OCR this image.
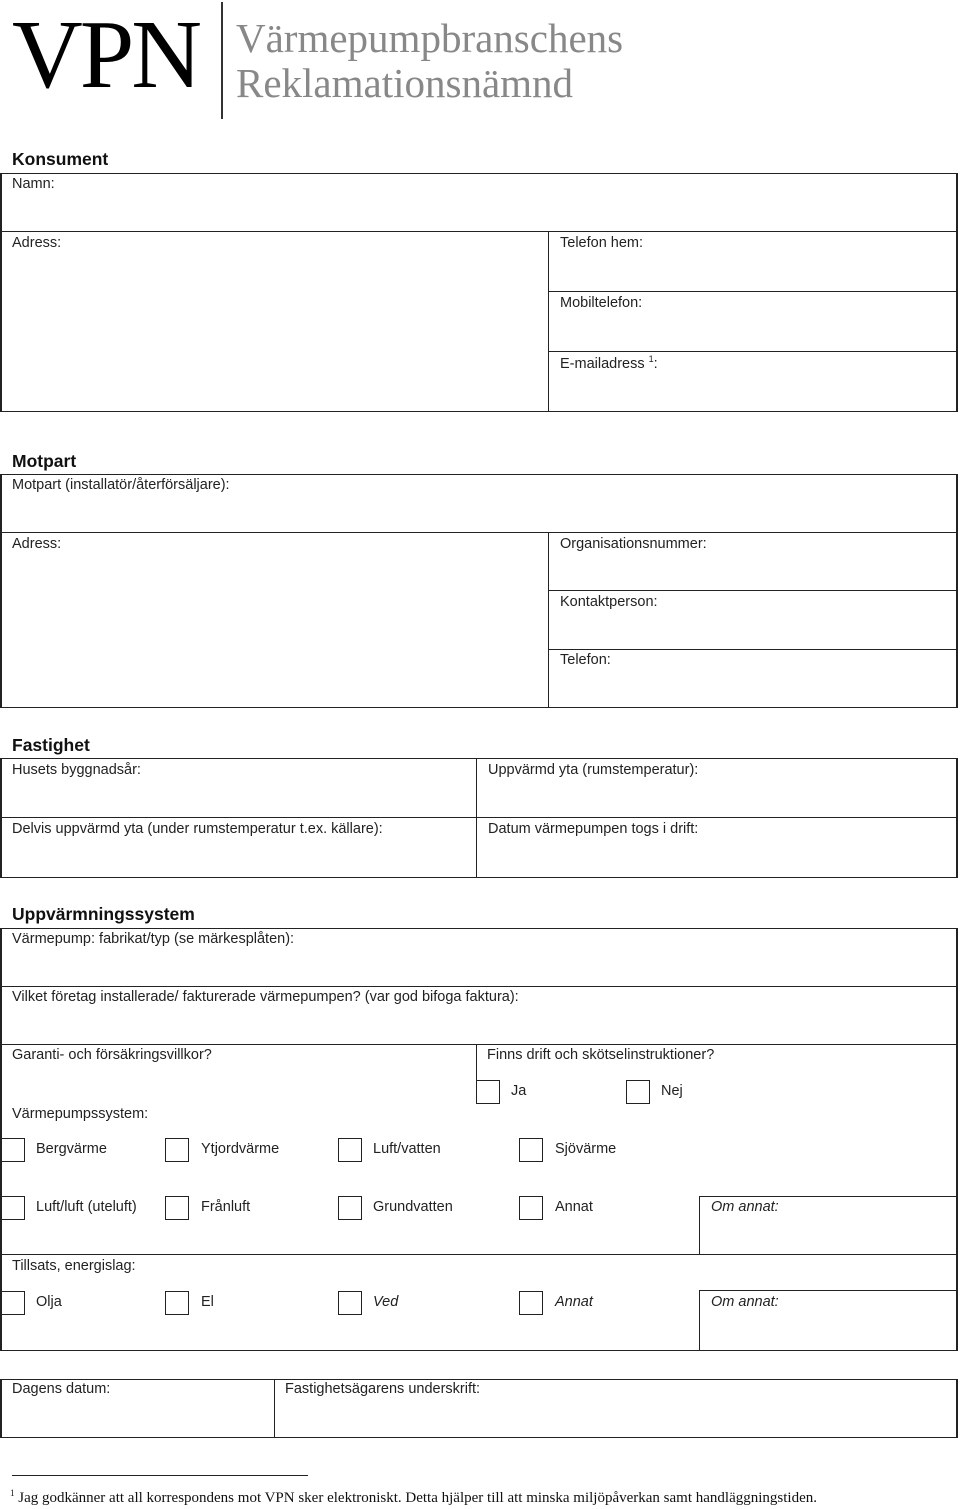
VPN Värmepumpbranschens
Reklamationsnämnd
Konsument
Namn:
Adress:	Telefon hem:
Mobiltelefon:
E-mailadress $^1$:
Motpart
Motpart (installatör/återförsäljare):
Adress:	Organisationsnummer:
Kontaktperson:
Telefon:
Fastighet
Husets byggnadsår:	Uppvärmd yta (rumstemperatur):
Delvis uppvärmd yta (under rumstemperatur t.ex. källare):	Datum värmepumpen togs i drift:
Uppvärmningssystem
Värmepump: fabrikat/typ (se märkesplåten):
Vilket företag installerade/ fakturerade värmepumpen? (var god bifoga faktura):
Garanti- och försäkringsvillkor?	Finns drift och skötselinstruktioner?
Ja	Nej
Värmepumpssystem:
Bergvärme	Ytjordvärme	Luft/vatten	Sjövärme
Luft/luft (uteluft)	Frånluft	Grundvatten	Annat	Om annat:
Tillsats, energislag:
Olja	El	Ved	Annat	Om annat:
Dagens datum:	Fastighetsägarens underskrift:
$^1$ Jag godkänner att all korrespondens mot VPN sker elektroniskt. Detta hjälper till att minska miljöpåverkan samt handläggningstiden.
